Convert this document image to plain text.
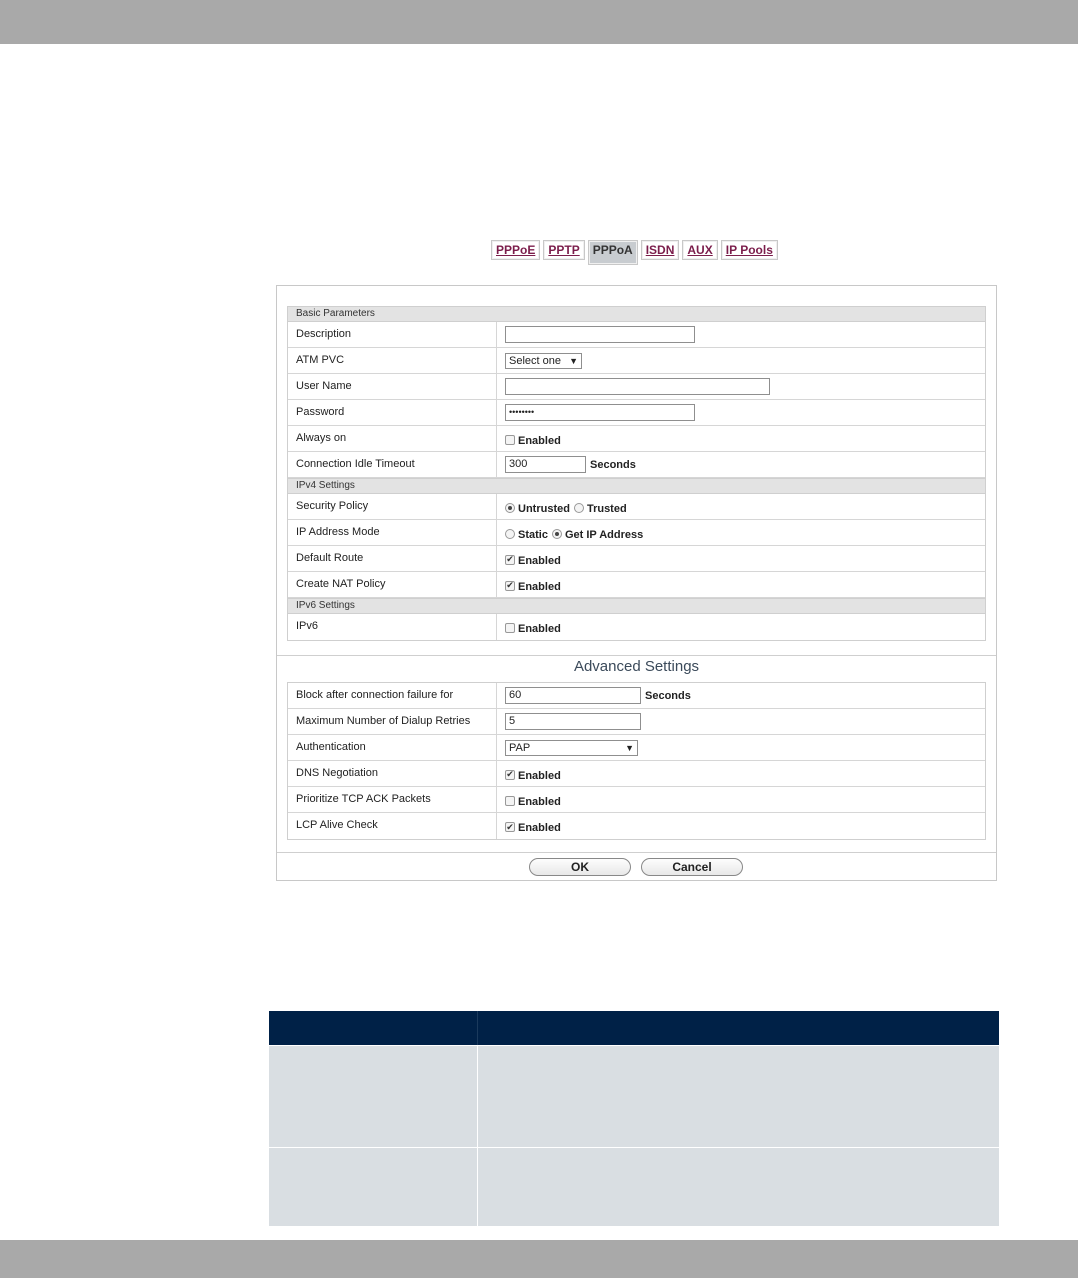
PPPoE	PPTP	PPPoA	ISDN	AUX	IP Pools
Basic Parameters
Description
ATM PVC	Select one ▼
User Name
Password	••••••••
Always on	Enabled
Connection Idle Timeout	300	Seconds
IPv4 Settings
Security Policy	Untrusted Trusted
IP Address Mode	Static Get IP Address
Default Route	✔ Enabled
Create NAT Policy	✔ Enabled
IPv6 Settings
IPv6	Enabled
Advanced Settings
Block after connection failure for	60	Seconds
Maximum Number of Dialup Retries	5
Authentication	PAP	▼
DNS Negotiation	✔ Enabled
Prioritize TCP ACK Packets	Enabled
LCP Alive Check	✔ Enabled
OK	Cancel
